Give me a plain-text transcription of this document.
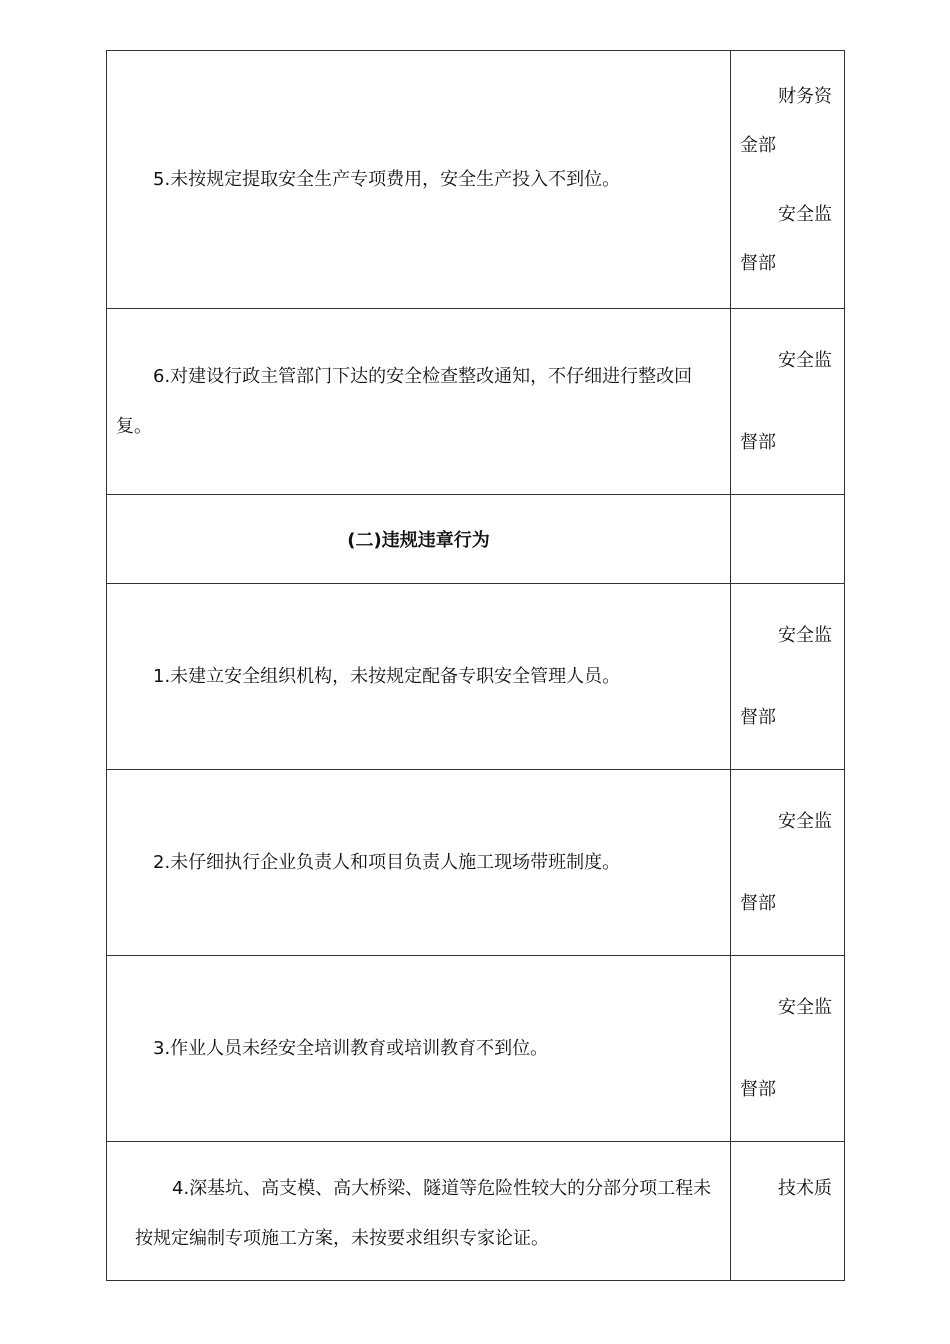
5.未按规定提取安全生产专项费用，安全生产投入不到位。	财务资
金部
安全监
督部

6.对建设行政主管部门下达的安全检查整改通知，不仔细进行整改回复。	安全监
督部

(二)违规违章行为	

1.未建立安全组织机构，未按规定配备专职安全管理人员。	安全监
督部

2.未仔细执行企业负责人和项目负责人施工现场带班制度。	安全监
督部

3.作业人员未经安全培训教育或培训教育不到位。	安全监
督部

4.深基坑、高支模、高大桥梁、隧道等危险性较大的分部分项工程未按规定编制专项施工方案，未按要求组织专家论证。	技术质
